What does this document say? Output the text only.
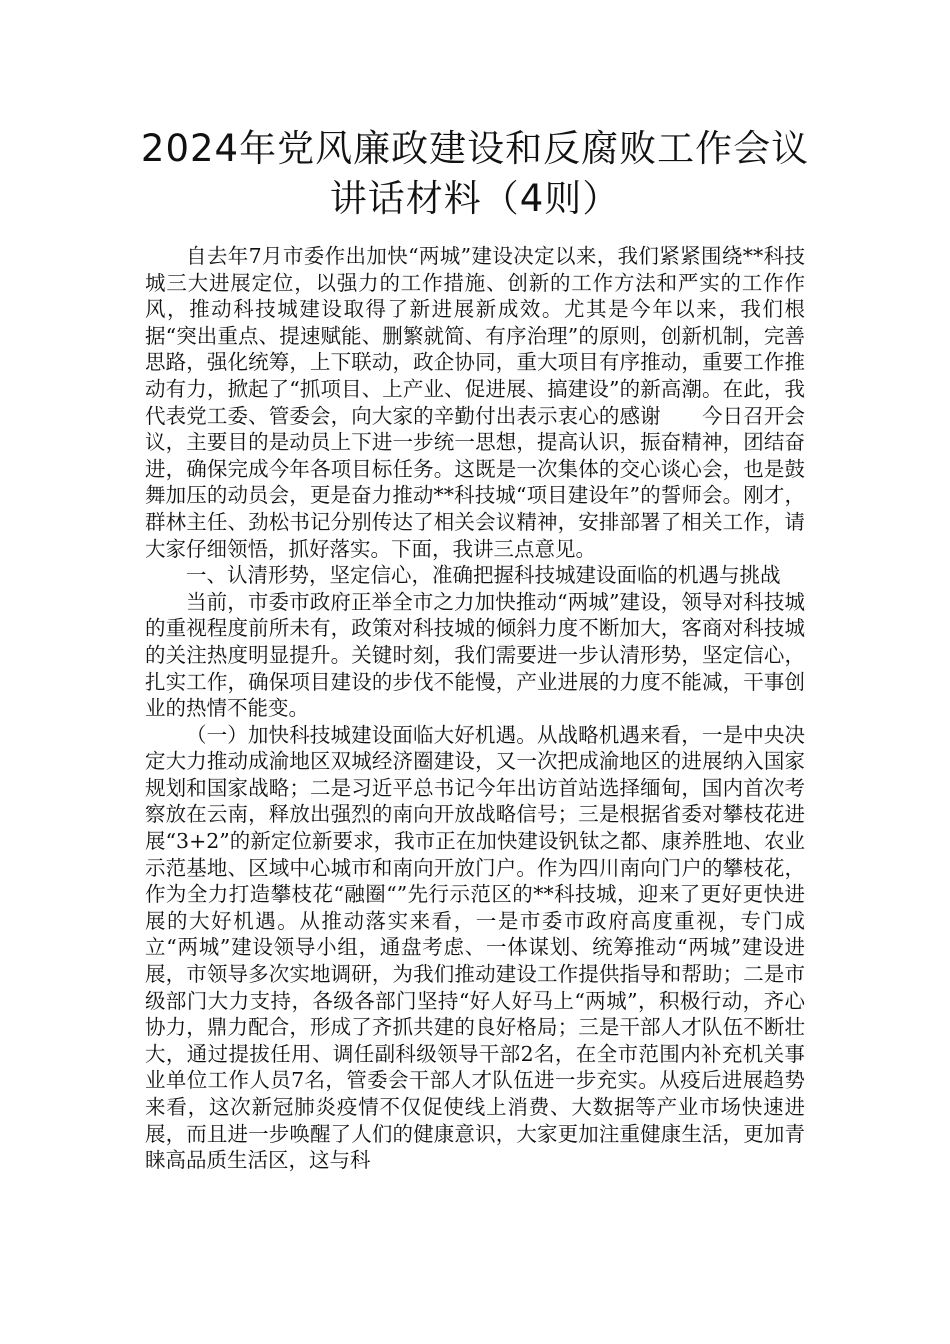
2024年党风廉政建设和反腐败工作会议
讲话材料（4则）

自去年7月市委作出加快“两城”建设决定以来，我们紧紧围绕**科技城三大进展定位，以强力的工作措施、创新的工作方法和严实的工作作风，推动科技城建设取得了新进展新成效。尤其是今年以来，我们根据“突出重点、提速赋能、删繁就简、有序治理”的原则，创新机制，完善思路，强化统筹，上下联动，政企协同，重大项目有序推动，重要工作推动有力，掀起了“抓项目、上产业、促进展、搞建设”的新高潮。在此，我代表党工委、管委会，向大家的辛勤付出表示衷心的感谢　　今日召开会议，主要目的是动员上下进一步统一思想，提高认识，振奋精神，团结奋进，确保完成今年各项目标任务。这既是一次集体的交心谈心会，也是鼓舞加压的动员会，更是奋力推动**科技城“项目建设年”的誓师会。刚才，群林主任、劲松书记分别传达了相关会议精神，安排部署了相关工作，请大家仔细领悟，抓好落实。下面，我讲三点意见。

一、认清形势，坚定信心，准确把握科技城建设面临的机遇与挑战

当前，市委市政府正举全市之力加快推动“两城”建设，领导对科技城的重视程度前所未有，政策对科技城的倾斜力度不断加大，客商对科技城的关注热度明显提升。关键时刻，我们需要进一步认清形势，坚定信心，扎实工作，确保项目建设的步伐不能慢，产业进展的力度不能减，干事创业的热情不能变。

（一）加快科技城建设面临大好机遇。从战略机遇来看，一是中央决定大力推动成渝地区双城经济圈建设，又一次把成渝地区的进展纳入国家规划和国家战略；二是习近平总书记今年出访首站选择缅甸，国内首次考察放在云南，释放出强烈的南向开放战略信号；三是根据省委对攀枝花进展“3+2”的新定位新要求，我市正在加快建设钒钛之都、康养胜地、农业示范基地、区域中心城市和南向开放门户。作为四川南向门户的攀枝花，作为全力打造攀枝花“融圈“”先行示范区的**科技城，迎来了更好更快进展的大好机遇。从推动落实来看，一是市委市政府高度重视，专门成立“两城”建设领导小组，通盘考虑、一体谋划、统筹推动“两城”建设进展，市领导多次实地调研，为我们推动建设工作提供指导和帮助；二是市级部门大力支持，各级各部门坚持“好人好马上“两城”，积极行动，齐心协力，鼎力配合，形成了齐抓共建的良好格局；三是干部人才队伍不断壮大，通过提拔任用、调任副科级领导干部2名，在全市范围内补充机关事业单位工作人员7名，管委会干部人才队伍进一步充实。从疫后进展趋势来看，这次新冠肺炎疫情不仅促使线上消费、大数据等产业市场快速进展，而且进一步唤醒了人们的健康意识，大家更加注重健康生活，更加青睐高品质生活区，这与科
